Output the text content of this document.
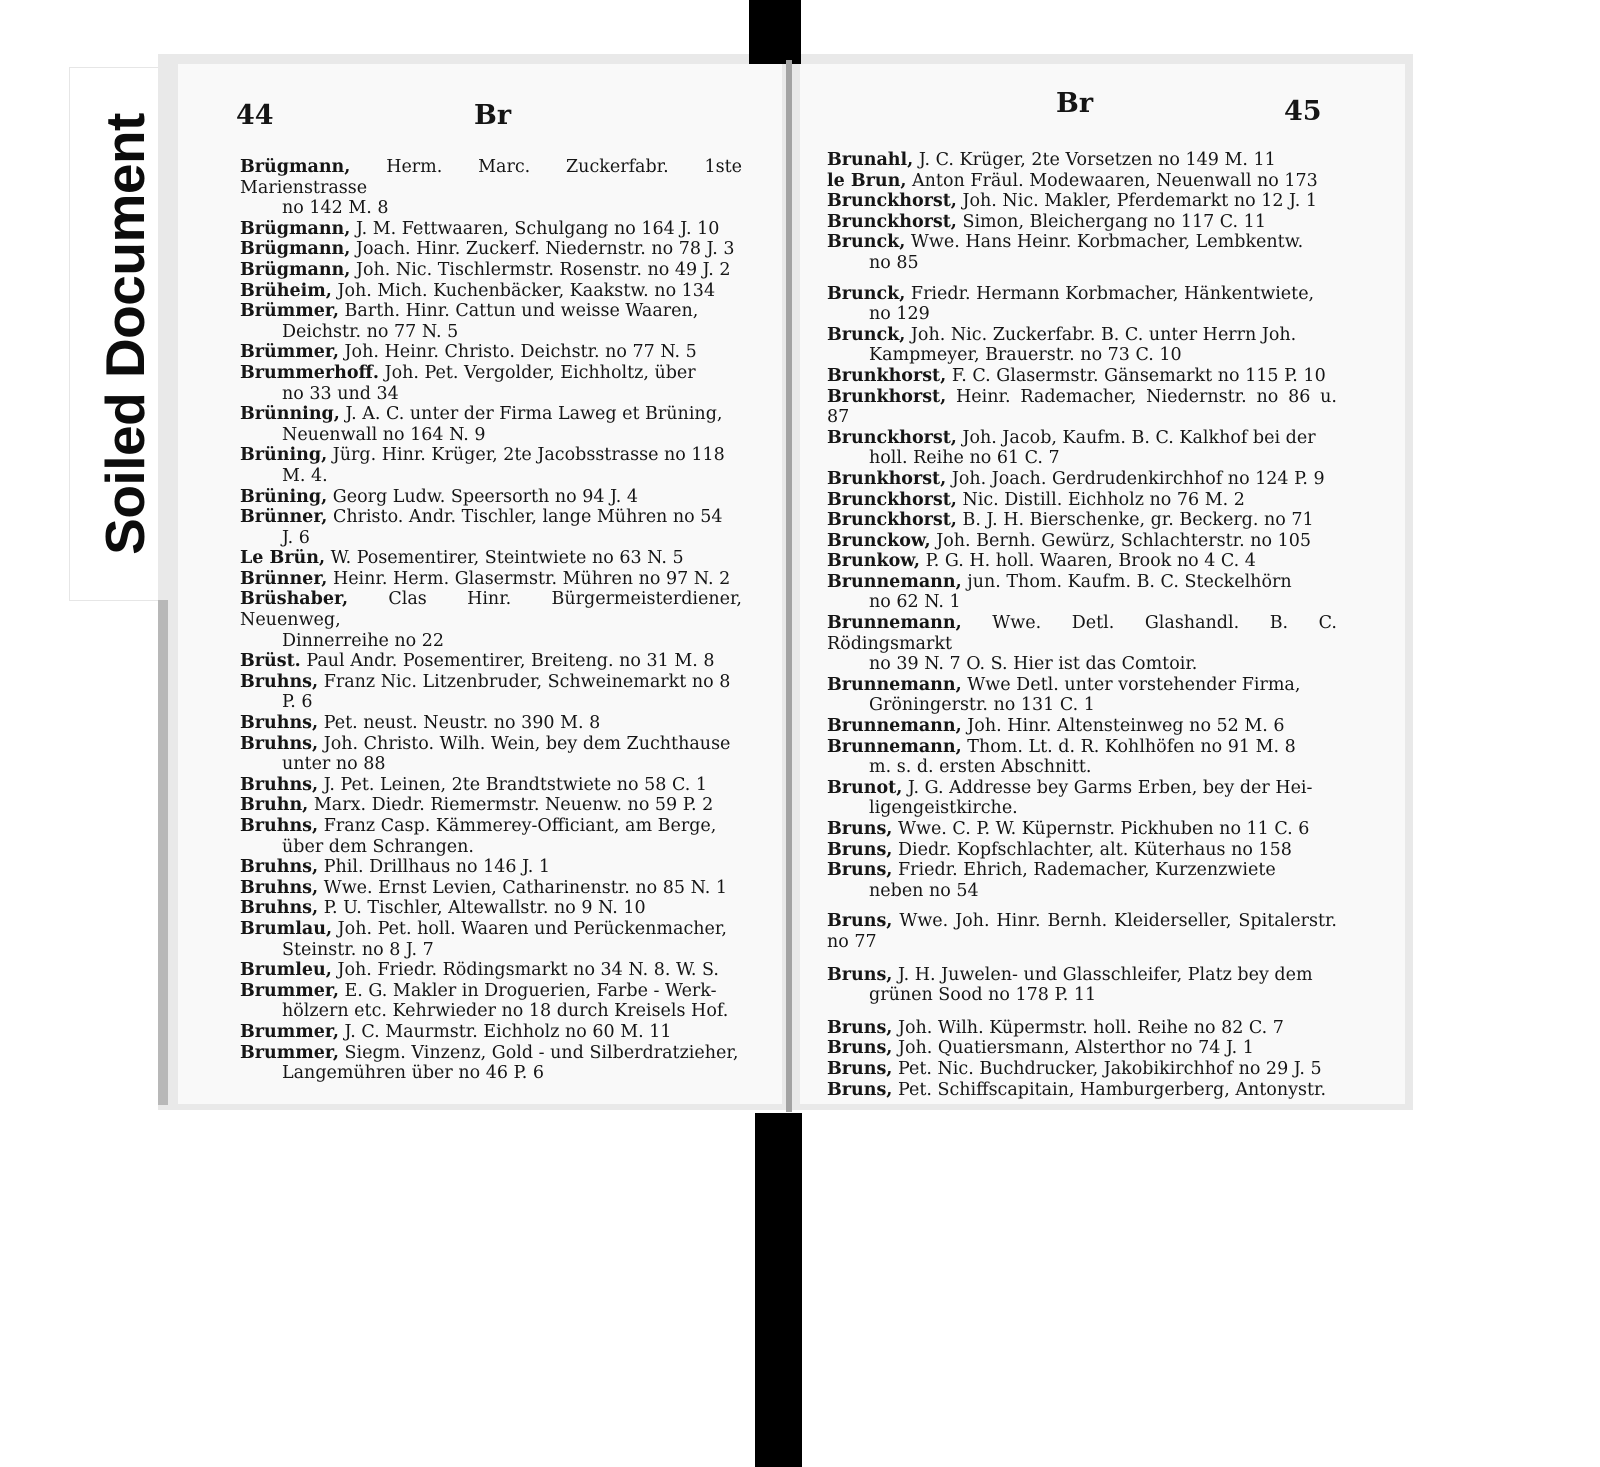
Soiled Document	44	Br	Br	45

Brügmann, Herm. Marc. Zuckerfabr. 1ste Marienstrasse
no 142 M. 8

Brügmann, J. M. Fettwaaren, Schulgang no 164 J. 10

Brügmann, Joach. Hinr. Zuckerf. Niedernstr. no 78 J. 3

Brügmann, Joh. Nic. Tischlermstr. Rosenstr. no 49 J. 2

Brüheim, Joh. Mich. Kuchenbäcker, Kaakstw. no 134

Brümmer, Barth. Hinr. Cattun und weisse Waaren,
Deichstr. no 77 N. 5

Brümmer, Joh. Heinr. Christo. Deichstr. no 77 N. 5

Brummerhoff. Joh. Pet. Vergolder, Eichholtz, über
no 33 und 34

Brünning, J. A. C. unter der Firma Laweg et Brüning,
Neuenwall no 164 N. 9

Brüning, Jürg. Hinr. Krüger, 2te Jacobsstrasse no 118
M. 4.

Brüning, Georg Ludw. Speersorth no 94 J. 4

Brünner, Christo. Andr. Tischler, lange Mühren no 54
J. 6

Le Brün, W. Posementirer, Steintwiete no 63 N. 5

Brünner, Heinr. Herm. Glasermstr. Mühren no 97 N. 2

Brüshaber, Clas Hinr. Bürgermeisterdiener, Neuenweg,
Dinnerreihe no 22

Brüst. Paul Andr. Posementirer, Breiteng. no 31 M. 8

Bruhns, Franz Nic. Litzenbruder, Schweinemarkt no 8
P. 6

Bruhns, Pet. neust. Neustr. no 390 M. 8

Bruhns, Joh. Christo. Wilh. Wein, bey dem Zuchthause
unter no 88

Bruhns, J. Pet. Leinen, 2te Brandtstwiete no 58 C. 1

Bruhn, Marx. Diedr. Riemermstr. Neuenw. no 59 P. 2

Bruhns, Franz Casp. Kämmerey-Officiant, am Berge,
über dem Schrangen.

Bruhns, Phil. Drillhaus no 146 J. 1

Bruhns, Wwe. Ernst Levien, Catharinenstr. no 85 N. 1

Bruhns, P. U. Tischler, Altewallstr. no 9 N. 10

Brumlau, Joh. Pet. holl. Waaren und Perückenmacher,
Steinstr. no 8 J. 7

Brumleu, Joh. Friedr. Rödingsmarkt no 34 N. 8. W. S.

Brummer, E. G. Makler in Droguerien, Farbe - Werk-
hölzern etc. Kehrwieder no 18 durch Kreisels Hof.

Brummer, J. C. Maurmstr. Eichholz no 60 M. 11

Brummer, Siegm. Vinzenz, Gold - und Silberdratzieher,
Langemühren über no 46 P. 6

Brunahl, J. C. Krüger, 2te Vorsetzen no 149 M. 11

le Brun, Anton Fräul. Modewaaren, Neuenwall no 173

Brunckhorst, Joh. Nic. Makler, Pferdemarkt no 12 J. 1

Brunckhorst, Simon, Bleichergang no 117 C. 11

Brunck, Wwe. Hans Heinr. Korbmacher, Lembkentw.
no 85

Brunck, Friedr. Hermann Korbmacher, Hänkentwiete,
no 129

Brunck, Joh. Nic. Zuckerfabr. B. C. unter Herrn Joh.
Kampmeyer, Brauerstr. no 73 C. 10

Brunkhorst, F. C. Glasermstr. Gänsemarkt no 115 P. 10

Brunkhorst, Heinr. Rademacher, Niedernstr. no 86 u. 87

Brunckhorst, Joh. Jacob, Kaufm. B. C. Kalkhof bei der
holl. Reihe no 61 C. 7

Brunkhorst, Joh. Joach. Gerdrudenkirchhof no 124 P. 9

Brunckhorst, Nic. Distill. Eichholz no 76 M. 2

Brunckhorst, B. J. H. Bierschenke, gr. Beckerg. no 71

Brunckow, Joh. Bernh. Gewürz, Schlachterstr. no 105

Brunkow, P. G. H. holl. Waaren, Brook no 4 C. 4

Brunnemann, jun. Thom. Kaufm. B. C. Steckelhörn
no 62 N. 1

Brunnemann, Wwe. Detl. Glashandl. B. C. Rödingsmarkt
no 39 N. 7 O. S. Hier ist das Comtoir.

Brunnemann, Wwe Detl. unter vorstehender Firma,
Gröningerstr. no 131 C. 1

Brunnemann, Joh. Hinr. Altensteinweg no 52 M. 6

Brunnemann, Thom. Lt. d. R. Kohlhöfen no 91 M. 8
m. s. d. ersten Abschnitt.

Brunot, J. G. Addresse bey Garms Erben, bey der Hei-
ligengeistkirche.

Bruns, Wwe. C. P. W. Küpernstr. Pickhuben no 11 C. 6

Bruns, Diedr. Kopfschlachter, alt. Küterhaus no 158

Bruns, Friedr. Ehrich, Rademacher, Kurzenzwiete
neben no 54

Bruns, Wwe. Joh. Hinr. Bernh. Kleiderseller, Spitalerstr. no 77

Bruns, J. H. Juwelen- und Glasschleifer, Platz bey dem
grünen Sood no 178 P. 11

Bruns, Joh. Wilh. Küpermstr. holl. Reihe no 82 C. 7

Bruns, Joh. Quatiersmann, Alsterthor no 74 J. 1

Bruns, Pet. Nic. Buchdrucker, Jakobikirchhof no 29 J. 5

Bruns, Pet. Schiffscapitain, Hamburgerberg, Antonystr.
